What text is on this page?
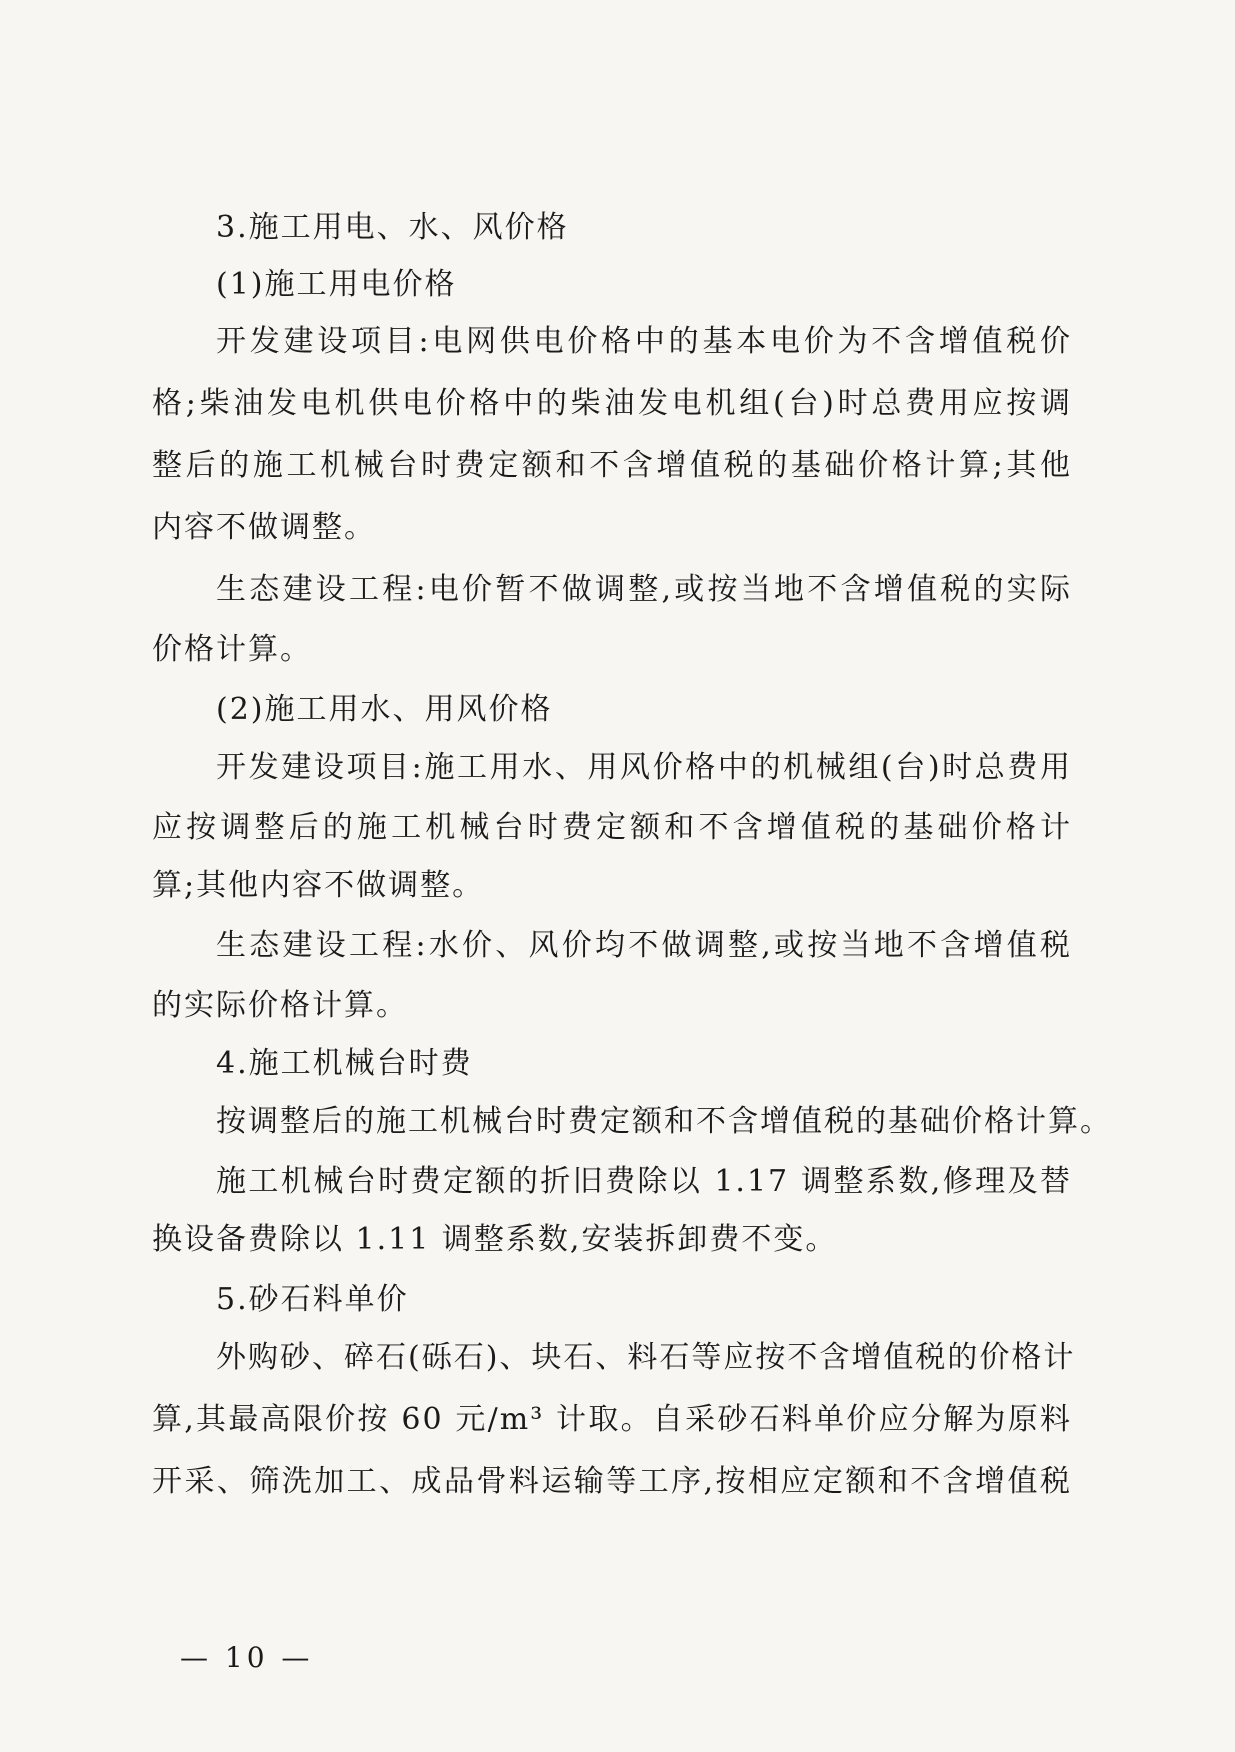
3.施工用电、水、风价格

(1)施工用电价格

开发建设项目:电网供电价格中的基本电价为不含增值税价

格;柴油发电机供电价格中的柴油发电机组(台)时总费用应按调

整后的施工机械台时费定额和不含增值税的基础价格计算;其他

内容不做调整。

生态建设工程:电价暂不做调整,或按当地不含增值税的实际

价格计算。

(2)施工用水、用风价格

开发建设项目:施工用水、用风价格中的机械组(台)时总费用

应按调整后的施工机械台时费定额和不含增值税的基础价格计

算;其他内容不做调整。

生态建设工程:水价、风价均不做调整,或按当地不含增值税

的实际价格计算。

4.施工机械台时费

按调整后的施工机械台时费定额和不含增值税的基础价格计算。

施工机械台时费定额的折旧费除以 1.17 调整系数,修理及替

换设备费除以 1.11 调整系数,安装拆卸费不变。

5.砂石料单价

外购砂、碎石(砾石)、块石、料石等应按不含增值税的价格计

算,其最高限价按 60 元/m³ 计取。自采砂石料单价应分解为原料

开采、筛洗加工、成品骨料运输等工序,按相应定额和不含增值税

— 10 —
